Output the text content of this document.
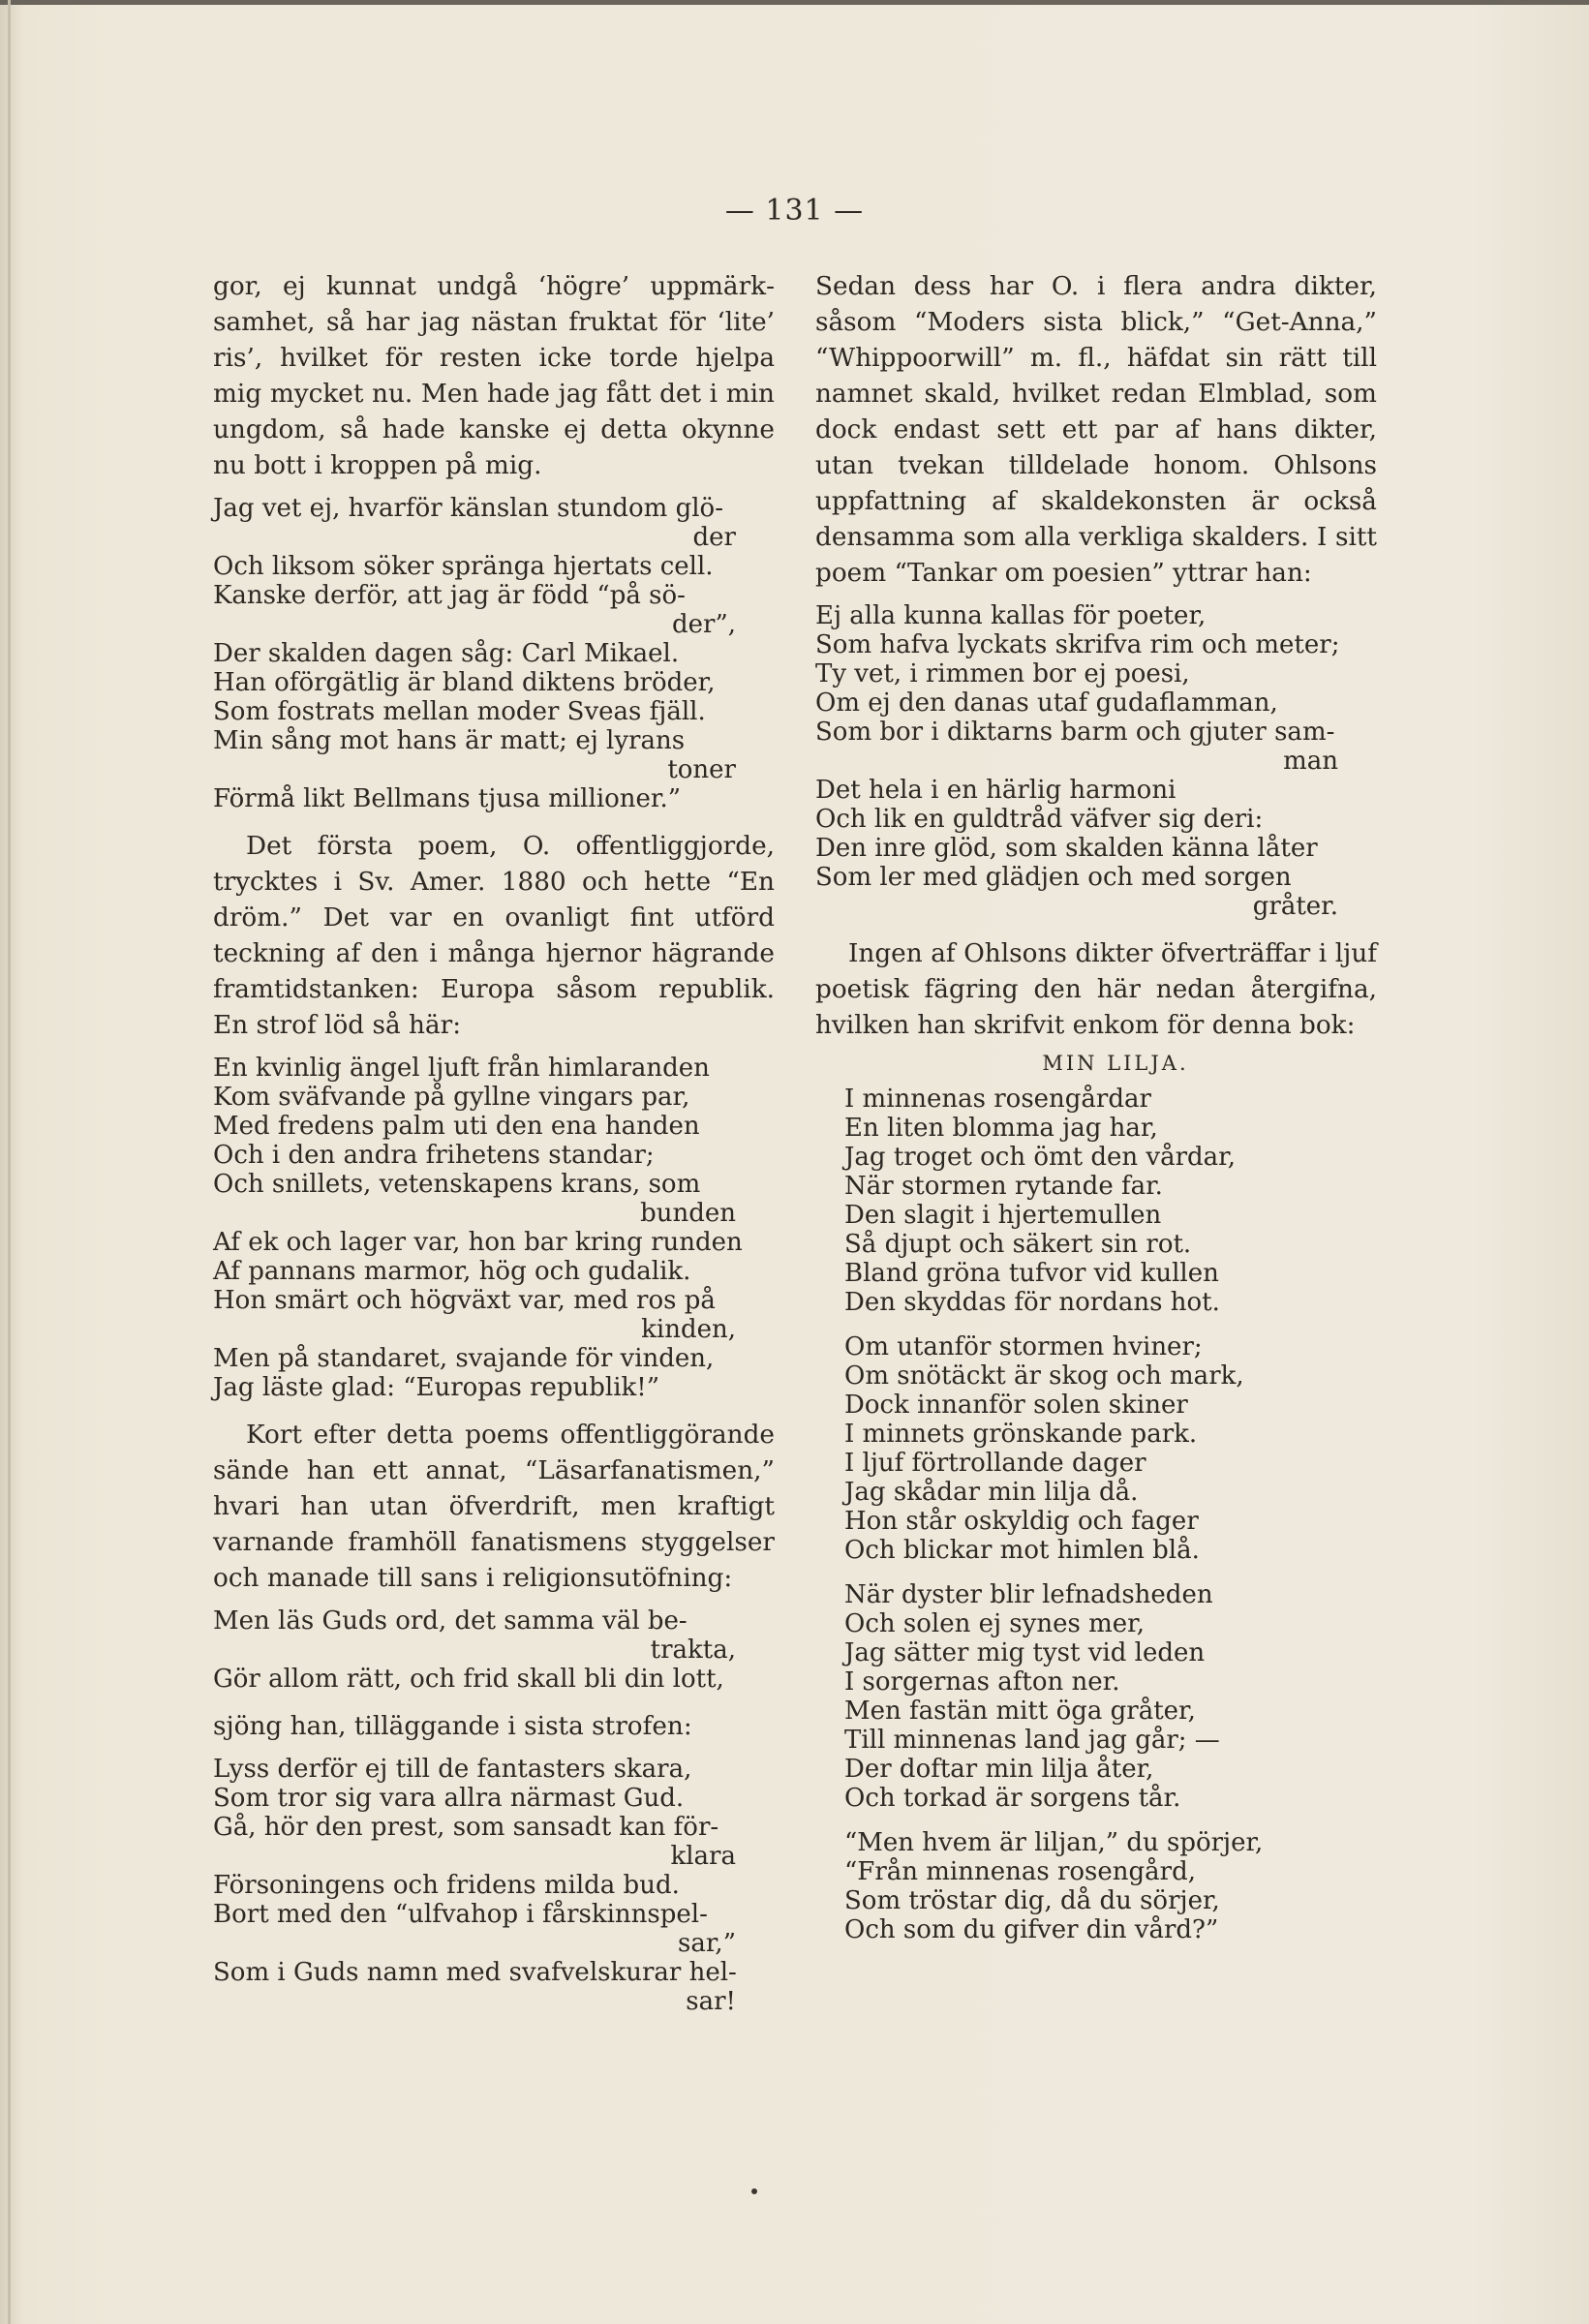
— 131 —

gor, ej kunnat undgå ‘högre’ uppmärksamhet, så har jag nästan fruktat för ‘lite’ ris’, hvilket för resten icke torde hjelpa mig mycket nu. Men hade jag fått det i min ungdom, så hade kanske ej detta okynne nu bott i kroppen på mig.

Jag vet ej, hvarför känslan stundom glö-
der
Och liksom söker spränga hjertats cell.
Kanske derför, att jag är född “på sö-
der”,
Der skalden dagen såg: Carl Mikael.
Han oförgätlig är bland diktens bröder,
Som fostrats mellan moder Sveas fjäll.
Min sång mot hans är matt; ej lyrans
toner
Förmå likt Bellmans tjusa millioner.”

Det första poem, O. offentliggjorde, trycktes i Sv. Amer. 1880 och hette “En dröm.” Det var en ovanligt fint utförd teckning af den i många hjernor hägrande framtidstanken: Europa såsom republik. En strof löd så här:

En kvinlig ängel ljuft från himlaranden
Kom sväfvande på gyllne vingars par,
Med fredens palm uti den ena handen
Och i den andra frihetens standar;
Och snillets, vetenskapens krans, som
bunden
Af ek och lager var, hon bar kring runden
Af pannans marmor, hög och gudalik.
Hon smärt och högväxt var, med ros på
kinden,
Men på standaret, svajande för vinden,
Jag läste glad: “Europas republik!”

Kort efter detta poems offentliggörande sände han ett annat, “Läsarfanatismen,” hvari han utan öfverdrift, men kraftigt varnande framhöll fanatismens styggelser och manade till sans i religionsutöfning:

Men läs Guds ord, det samma väl be-
trakta,
Gör allom rätt, och frid skall bli din lott,

sjöng han, tilläggande i sista strofen:

Lyss derför ej till de fantasters skara,
Som tror sig vara allra närmast Gud.
Gå, hör den prest, som sansadt kan för-
klara
Försoningens och fridens milda bud.
Bort med den “ulfvahop i fårskinnspel-
sar,”
Som i Guds namn med svafvelskurar hel-
sar!

Sedan dess har O. i flera andra dikter, såsom “Moders sista blick,” “Get-Anna,” “Whippoorwill” m. fl., häfdat sin rätt till namnet skald, hvilket redan Elmblad, som dock endast sett ett par af hans dikter, utan tvekan tilldelade honom. Ohlsons uppfattning af skaldekonsten är också densamma som alla verkliga skalders. I sitt poem “Tankar om poesien” yttrar han:

Ej alla kunna kallas för poeter,
Som hafva lyckats skrifva rim och meter;
Ty vet, i rimmen bor ej poesi,
Om ej den danas utaf gudaflamman,
Som bor i diktarns barm och gjuter sam-
man
Det hela i en härlig harmoni
Och lik en guldtråd väfver sig deri:
Den inre glöd, som skalden känna låter
Som ler med glädjen och med sorgen
gråter.

Ingen af Ohlsons dikter öfverträffar i ljuf poetisk fägring den här nedan återgifna, hvilken han skrifvit enkom för denna bok:

MIN LILJA.
I minnenas rosengårdar
En liten blomma jag har,
Jag troget och ömt den vårdar,
När stormen rytande far.
Den slagit i hjertemullen
Så djupt och säkert sin rot.
Bland gröna tufvor vid kullen
Den skyddas för nordans hot.
Om utanför stormen hviner;
Om snötäckt är skog och mark,
Dock innanför solen skiner
I minnets grönskande park.
I ljuf förtrollande dager
Jag skådar min lilja då.
Hon står oskyldig och fager
Och blickar mot himlen blå.
När dyster blir lefnadsheden
Och solen ej synes mer,
Jag sätter mig tyst vid leden
I sorgernas afton ner.
Men fastän mitt öga gråter,
Till minnenas land jag går; —
Der doftar min lilja åter,
Och torkad är sorgens tår.
“Men hvem är liljan,” du spörjer,
“Från minnenas rosengård,
Som tröstar dig, då du sörjer,
Och som du gifver din vård?”
